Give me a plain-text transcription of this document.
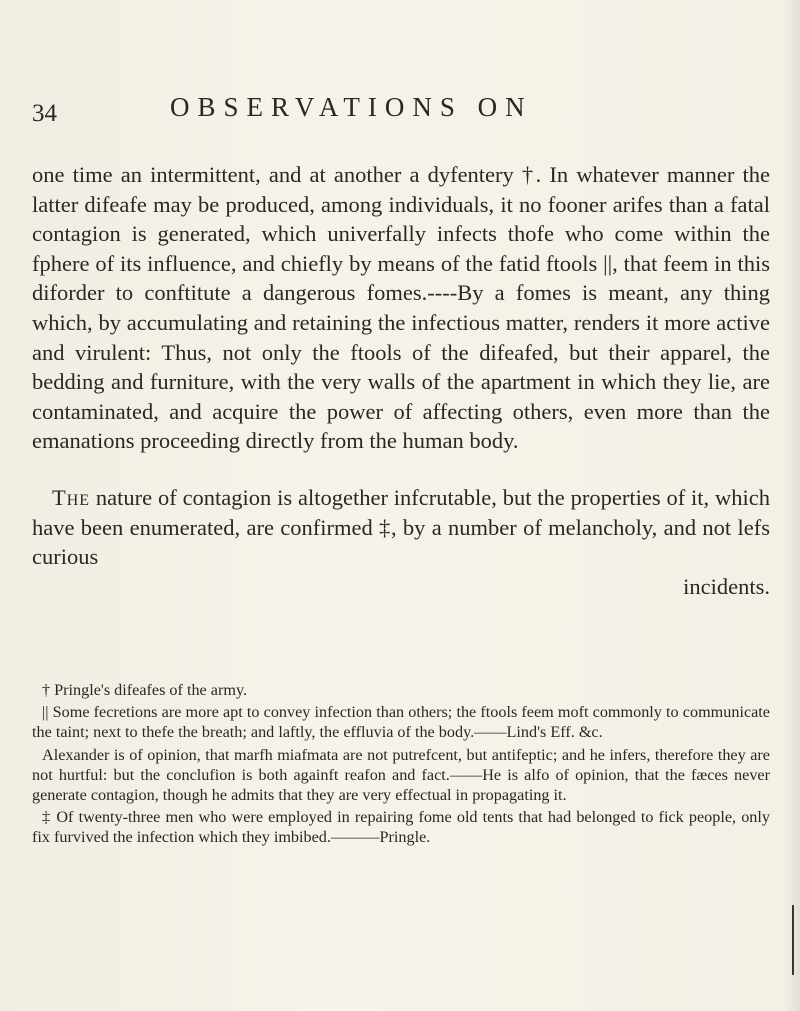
34	OBSERVATIONS ON

one time an intermittent, and at another a dyfentery †. In whatever manner the latter difeafe may be produced, among individuals, it no fooner arifes than a fatal contagion is generated, which univerfally infects thofe who come within the fphere of its influence, and chiefly by means of the fatid ftools ||, that feem in this diforder to conftitute a dangerous fomes.----By a fomes is meant, any thing which, by accumulating and retaining the infectious matter, renders it more active and virulent: Thus, not only the ftools of the difeafed, but their apparel, the bedding and furniture, with the very walls of the apartment in which they lie, are contaminated, and acquire the power of affecting others, even more than the emanations proceeding directly from the human body.

The nature of contagion is altogether infcrutable, but the properties of it, which have been enumerated, are confirmed ‡, by a number of melancholy, and not lefs curious
incidents.

† Pringle's difeafes of the army.

|| Some fecretions are more apt to convey infection than others; the ftools feem moft commonly to communicate the taint; next to thefe the breath; and laftly, the effluvia of the body.——Lind's Eff. &c.

Alexander is of opinion, that marfh miafmata are not putrefcent, but antifeptic; and he infers, therefore they are not hurtful: but the conclufion is both againft reafon and fact.——He is alfo of opinion, that the fæces never generate contagion, though he admits that they are very effectual in propagating it.

‡ Of twenty-three men who were employed in repairing fome old tents that had belonged to fick people, only fix furvived the infection which they imbibed.———Pringle.
